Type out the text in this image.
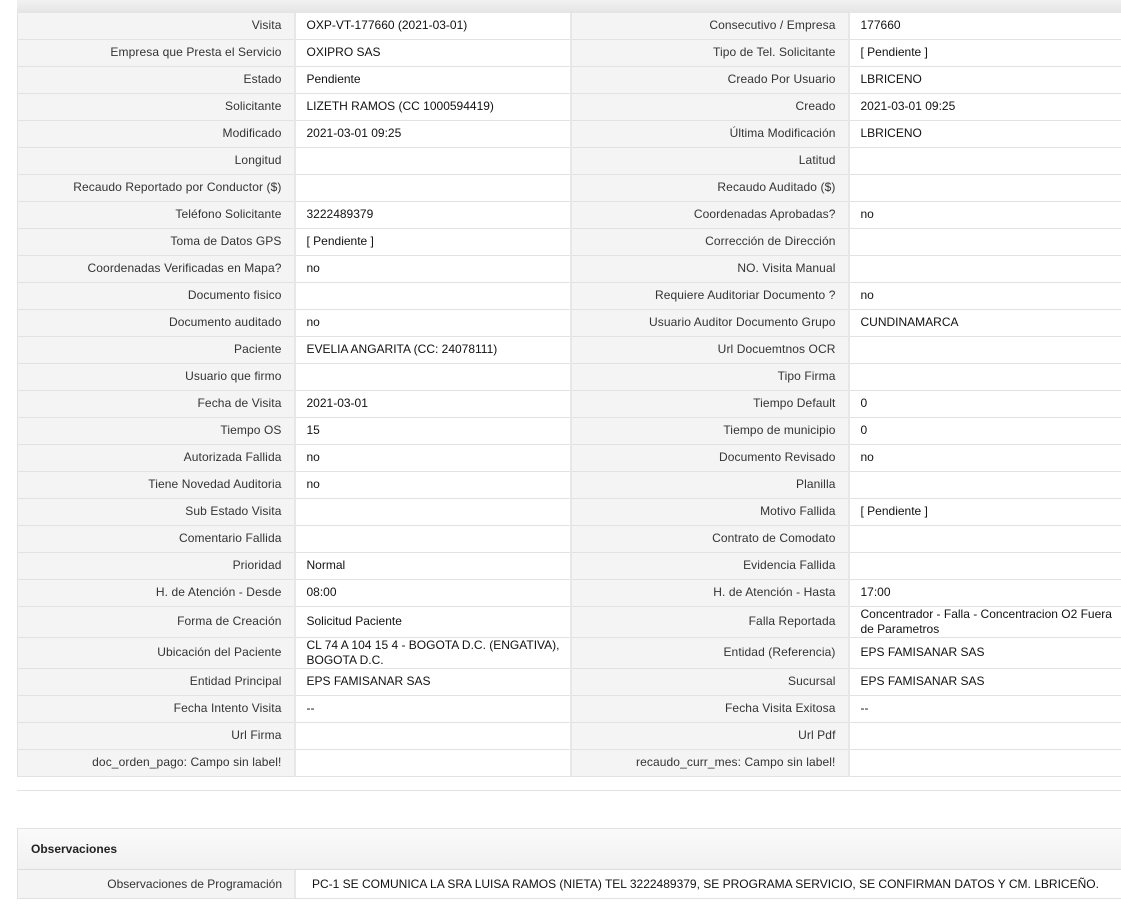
Visita	OXP-VT-177660 (2021-03-01)	Consecutivo / Empresa	177660
Empresa que Presta el Servicio	OXIPRO SAS	Tipo de Tel. Solicitante	[ Pendiente ]
Estado	Pendiente	Creado Por Usuario	LBRICENO
Solicitante	LIZETH RAMOS (CC 1000594419)	Creado	2021-03-01 09:25
Modificado	2021-03-01 09:25	Última Modificación	LBRICENO
Longitud		Latitud	
Recaudo Reportado por Conductor ($)		Recaudo Auditado ($)	
Teléfono Solicitante	3222489379	Coordenadas Aprobadas?	no
Toma de Datos GPS	[ Pendiente ]	Corrección de Dirección	
Coordenadas Verificadas en Mapa?	no	NO. Visita Manual	
Documento fisico		Requiere Auditoriar Documento ?	no
Documento auditado	no	Usuario Auditor Documento Grupo	CUNDINAMARCA
Paciente	EVELIA ANGARITA (CC: 24078111)	Url Docuemtnos OCR	
Usuario que firmo		Tipo Firma	
Fecha de Visita	2021-03-01	Tiempo Default	0
Tiempo OS	15	Tiempo de municipio	0
Autorizada Fallida	no	Documento Revisado	no
Tiene Novedad Auditoria	no	Planilla	
Sub Estado Visita		Motivo Fallida	[ Pendiente ]
Comentario Fallida		Contrato de Comodato	
Prioridad	Normal	Evidencia Fallida	
H. de Atención - Desde	08:00	H. de Atención - Hasta	17:00
Forma de Creación	Solicitud Paciente	Falla Reportada	Concentrador - Falla - Concentracion O2 Fuera de Parametros
Ubicación del Paciente	CL 74 A 104 15 4 - BOGOTA D.C. (ENGATIVA), BOGOTA D.C.	Entidad (Referencia)	EPS FAMISANAR SAS
Entidad Principal	EPS FAMISANAR SAS	Sucursal	EPS FAMISANAR SAS
Fecha Intento Visita	--	Fecha Visita Exitosa	--
Url Firma		Url Pdf	
doc_orden_pago: Campo sin label!		recaudo_curr_mes: Campo sin label!	
Observaciones
Observaciones de Programación	PC-1 SE COMUNICA LA SRA LUISA RAMOS (NIETA) TEL 3222489379, SE PROGRAMA SERVICIO, SE CONFIRMAN DATOS Y CM. LBRICEÑO.
